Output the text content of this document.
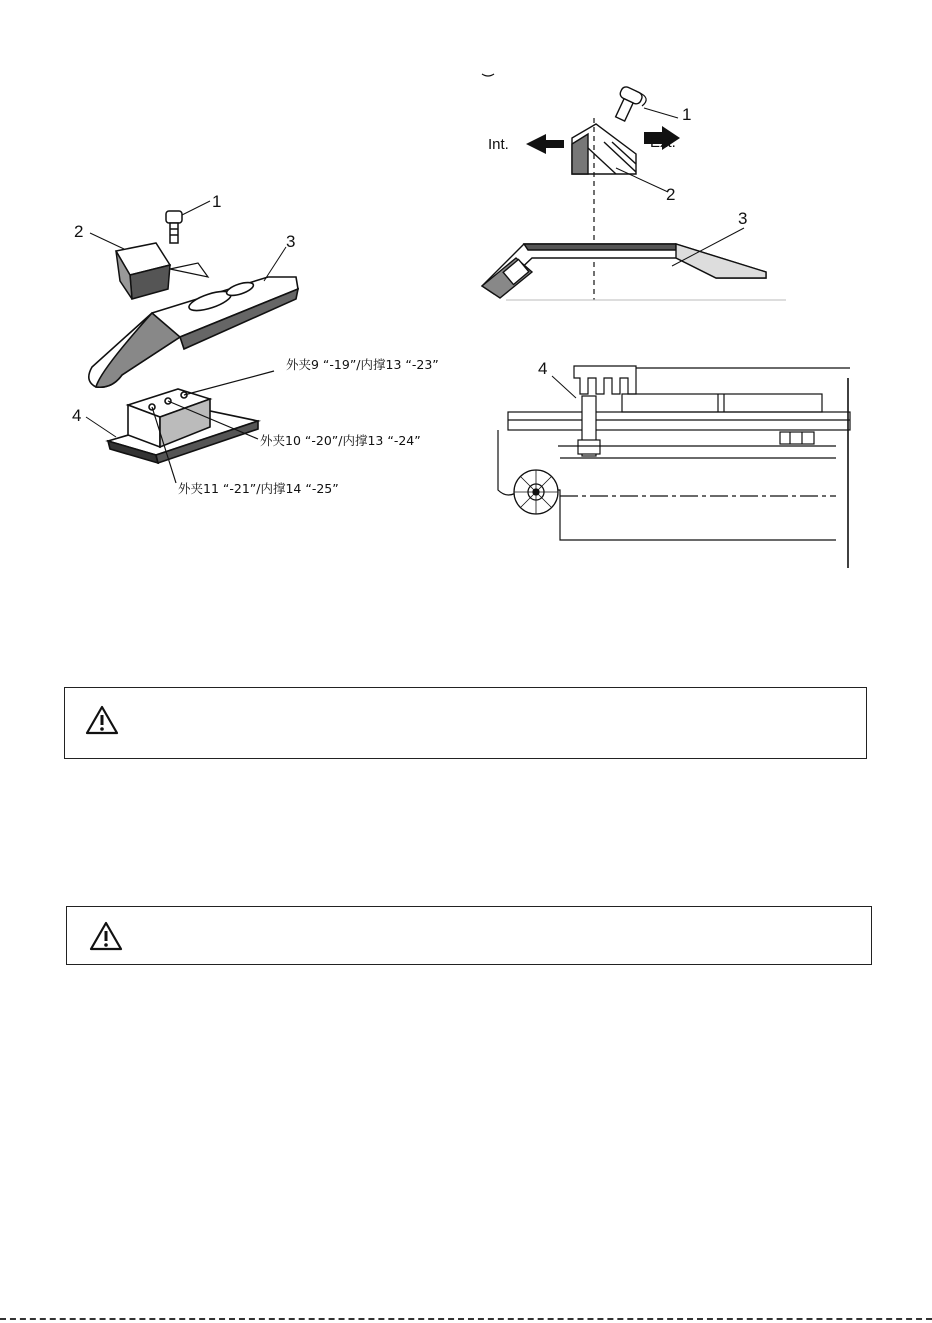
1
2
3
4
外夹9 “-19”/内撑13 “-23”
外夹10 “-20”/内撑13 “-24”
外夹11 “-21”/内撑14 “-25”
Int.	Ext.
1
2
3
4
